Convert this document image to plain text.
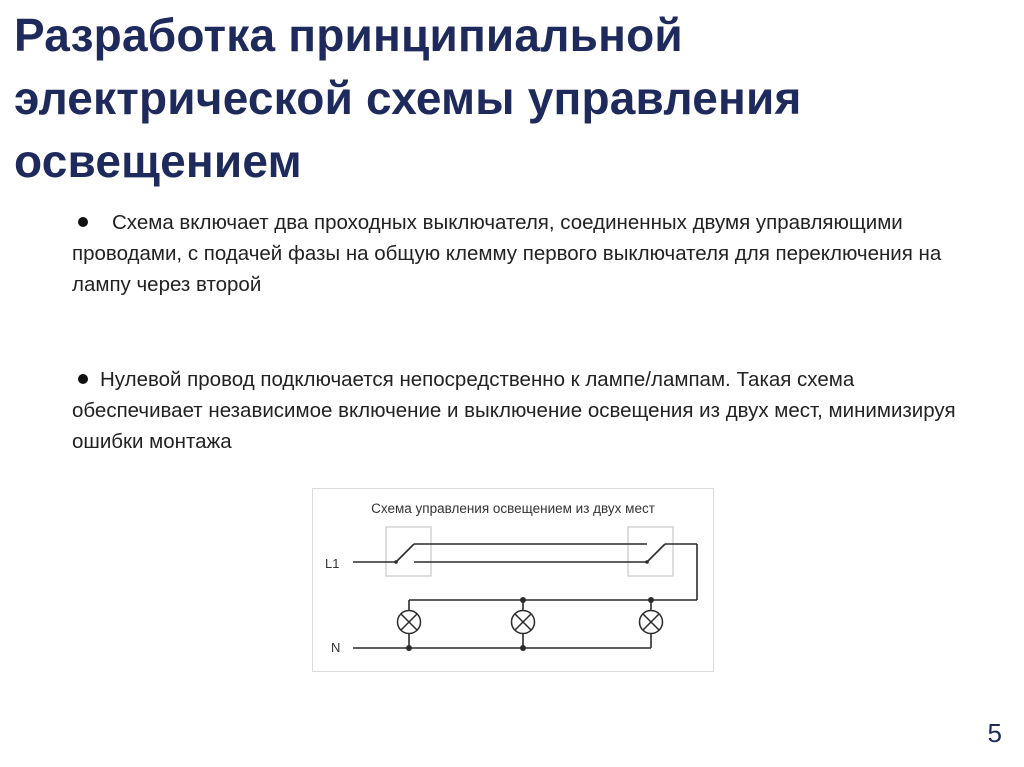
Разработка принципиальной электрической схемы управления освещением
Схема включает два проходных выключателя, соединенных двумя управляющими проводами, с подачей фазы на общую клемму первого выключателя для переключения на лампу через второй
Нулевой провод подключается непосредственно к лампе/лампам. Такая схема обеспечивает независимое включение и выключение освещения из двух мест, минимизируя ошибки монтажа
Схема управления освещением из двух мест
L1
N
5
